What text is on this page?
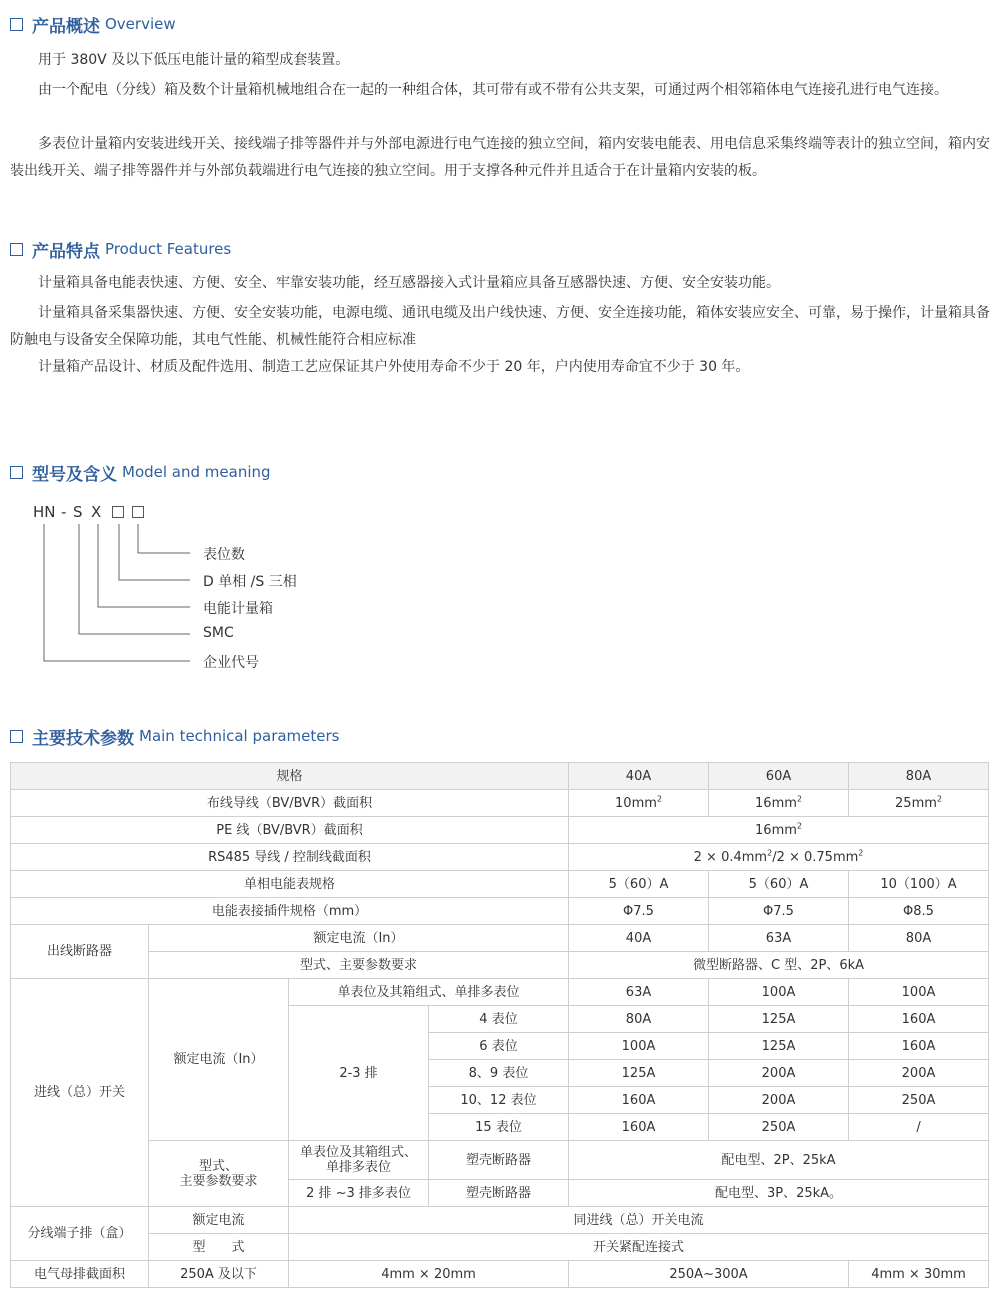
产品概述 Overview

用于 380V 及以下低压电能计量的箱型成套装置。

由一个配电（分线）箱及数个计量箱机械地组合在一起的一种组合体，其可带有或不带有公共支架，可通过两个相邻箱体电气连接孔进行电气连接。

多表位计量箱内安装进线开关、接线端子排等器件并与外部电源进行电气连接的独立空间，箱内安装电能表、用电信息采集终端等表计的独立空间，箱内安装出线开关、端子排等器件并与外部负载端进行电气连接的独立空间。用于支撑各种元件并且适合于在计量箱内安装的板。

产品特点 Product Features

计量箱具备电能表快速、方便、安全、牢靠安装功能，经互感器接入式计量箱应具备互感器快速、方便、安全安装功能。

计量箱具备采集器快速、方便、安全安装功能，电源电缆、通讯电缆及出户线快速、方便、安全连接功能，箱体安装应安全、可靠，易于操作，计量箱具备防触电与设备安全保障功能，其电气性能、机械性能符合相应标准

计量箱产品设计、材质及配件选用、制造工艺应保证其户外使用寿命不少于 20 年，户内使用寿命宜不少于 30 年。

型号及含义 Model and meaning
HN - S X
表位数
D 单相 /S 三相
电能计量箱
SMC
企业代号
主要技术参数 Main technical parameters
规格				40A	60A	80A
布线导线（BV/BVR）截面积				$10mm^2$	$16mm^2$	$25mm^2$
PE 线（BV/BVR）截面积				$16mm^2$
RS485 导线 / 控制线截面积				$2 \times 0.4mm^2/2 \times 0.75mm^2$
单相电能表规格				5（60）A	5（60）A	10（100）A
电能表接插件规格（mm）				Φ7.5	Φ7.5	Φ8.5
出线断路器	额定电流（In）			40A	63A	80A
	型式、主要参数要求			微型断路器、C 型、2P、6kA		
进线（总）开关	额定电流（In）	单表位及其箱组式、单排多表位		63A	100A	100A
		2-3 排	4 表位	80A	125A	160A
			6 表位	100A	125A	160A
			8、9 表位	125A	200A	200A
			10、12 表位	160A	200A	250A
			15 表位	160A	250A	/
	型式、
主要参数要求	单表位及其箱组式、
单排多表位	塑壳断路器	配电型、2P、25kA		
		2 排 ~3 排多表位	塑壳断路器	配电型、3P、25kA。		
分线端子排（盒）	额定电流	同进线（总）开关电流				
	型　　式	开关紧配连接式				
电气母排截面积	250A 及以下	4mm × 20mm		250A~300A		4mm × 30mm
